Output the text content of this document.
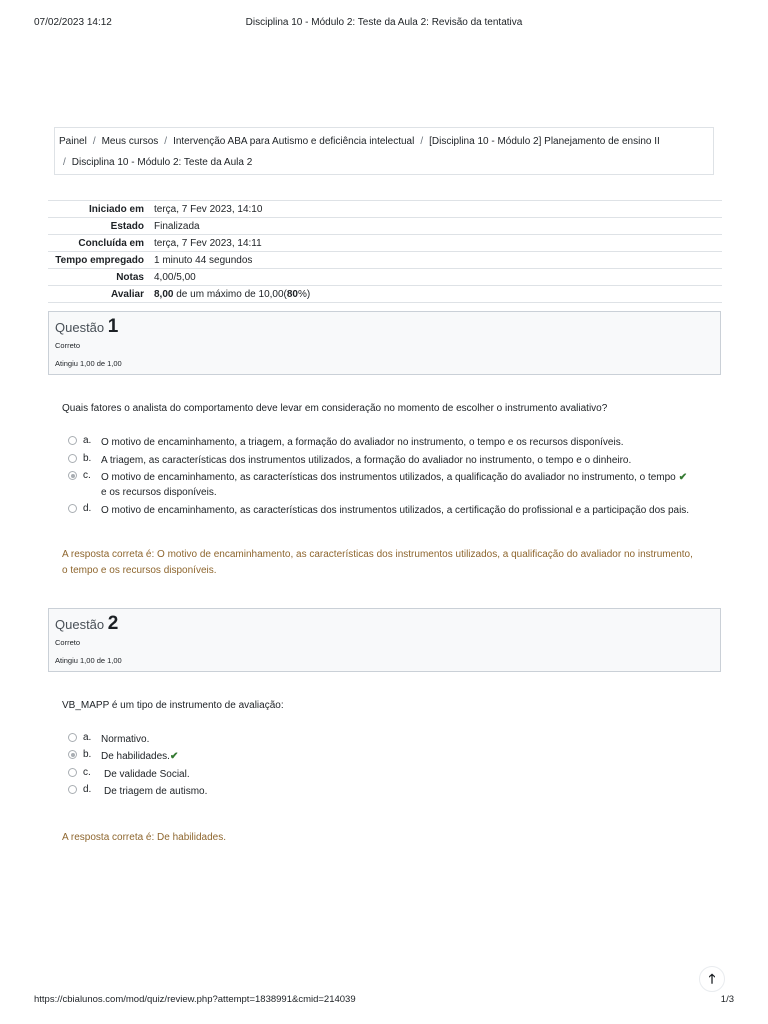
07/02/2023 14:12	Disciplina 10 - Módulo 2: Teste da Aula 2: Revisão da tentativa
Painel / Meus cursos / Intervenção ABA para Autismo e deficiência intelectual / [Disciplina 10 - Módulo 2] Planejamento de ensino II
/ Disciplina 10 - Módulo 2: Teste da Aula 2
Iniciado em	terça, 7 Fev 2023, 14:10
Estado	Finalizada
Concluída em	terça, 7 Fev 2023, 14:11
Tempo empregado	1 minuto 44 segundos
Notas	4,00/5,00
Avaliar	8,00 de um máximo de 10,00(80%)
Questão 1
Correto
Atingiu 1,00 de 1,00
Quais fatores o analista do comportamento deve levar em consideração no momento de escolher o instrumento avaliativo?
a. O motivo de encaminhamento, a triagem, a formação do avaliador no instrumento, o tempo e os recursos disponíveis.
b. A triagem, as características dos instrumentos utilizados, a formação do avaliador no instrumento, o tempo e o dinheiro.
c. O motivo de encaminhamento, as características dos instrumentos utilizados, a qualificação do avaliador no instrumento, o tempo ✔
e os recursos disponíveis.
d. O motivo de encaminhamento, as características dos instrumentos utilizados, a certificação do profissional e a participação dos pais.
A resposta correta é: O motivo de encaminhamento, as características dos instrumentos utilizados, a qualificação do avaliador no instrumento,
o tempo e os recursos disponíveis.
Questão 2
Correto
Atingiu 1,00 de 1,00
VB_MAPP é um tipo de instrumento de avaliação:
a. Normativo.
b. De habilidades.✔
c. De validade Social.
d. De triagem de autismo.
A resposta correta é: De habilidades.
🡑
https://cbialunos.com/mod/quiz/review.php?attempt=1838991&cmid=214039	1/3
